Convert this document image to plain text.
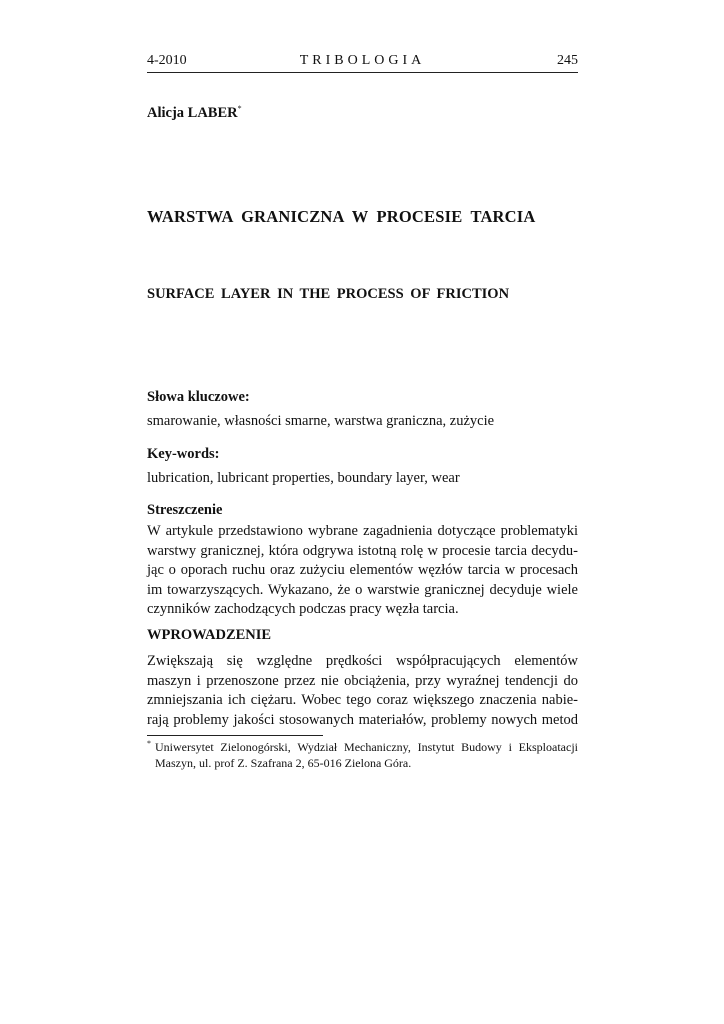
4-2010	TRIBOLOGIA	245
Alicja LABER*
WARSTWA GRANICZNA W PROCESIE TARCIA
SURFACE LAYER IN THE PROCESS OF FRICTION
Słowa kluczowe:
smarowanie, własności smarne, warstwa graniczna, zużycie
Key-words:
lubrication, lubricant properties, boundary layer, wear
Streszczenie
W artykule przedstawiono wybrane zagadnienia dotyczące problematyki
warstwy granicznej, która odgrywa istotną rolę w procesie tarcia decydu-
jąc o oporach ruchu oraz zużyciu elementów węzłów tarcia w procesach
im towarzyszących. Wykazano, że o warstwie granicznej decyduje wiele
czynników zachodzących podczas pracy węzła tarcia.
WPROWADZENIE
Zwiększają się względne prędkości współpracujących elementów
maszyn i przenoszone przez nie obciążenia, przy wyraźnej tendencji do
zmniejszania ich ciężaru. Wobec tego coraz większego znaczenia nabie-
rają problemy jakości stosowanych materiałów, problemy nowych metod
* Uniwersytet Zielonogórski, Wydział Mechaniczny, Instytut Budowy i Eksploatacji
Maszyn, ul. prof Z. Szafrana 2, 65-016 Zielona Góra.
